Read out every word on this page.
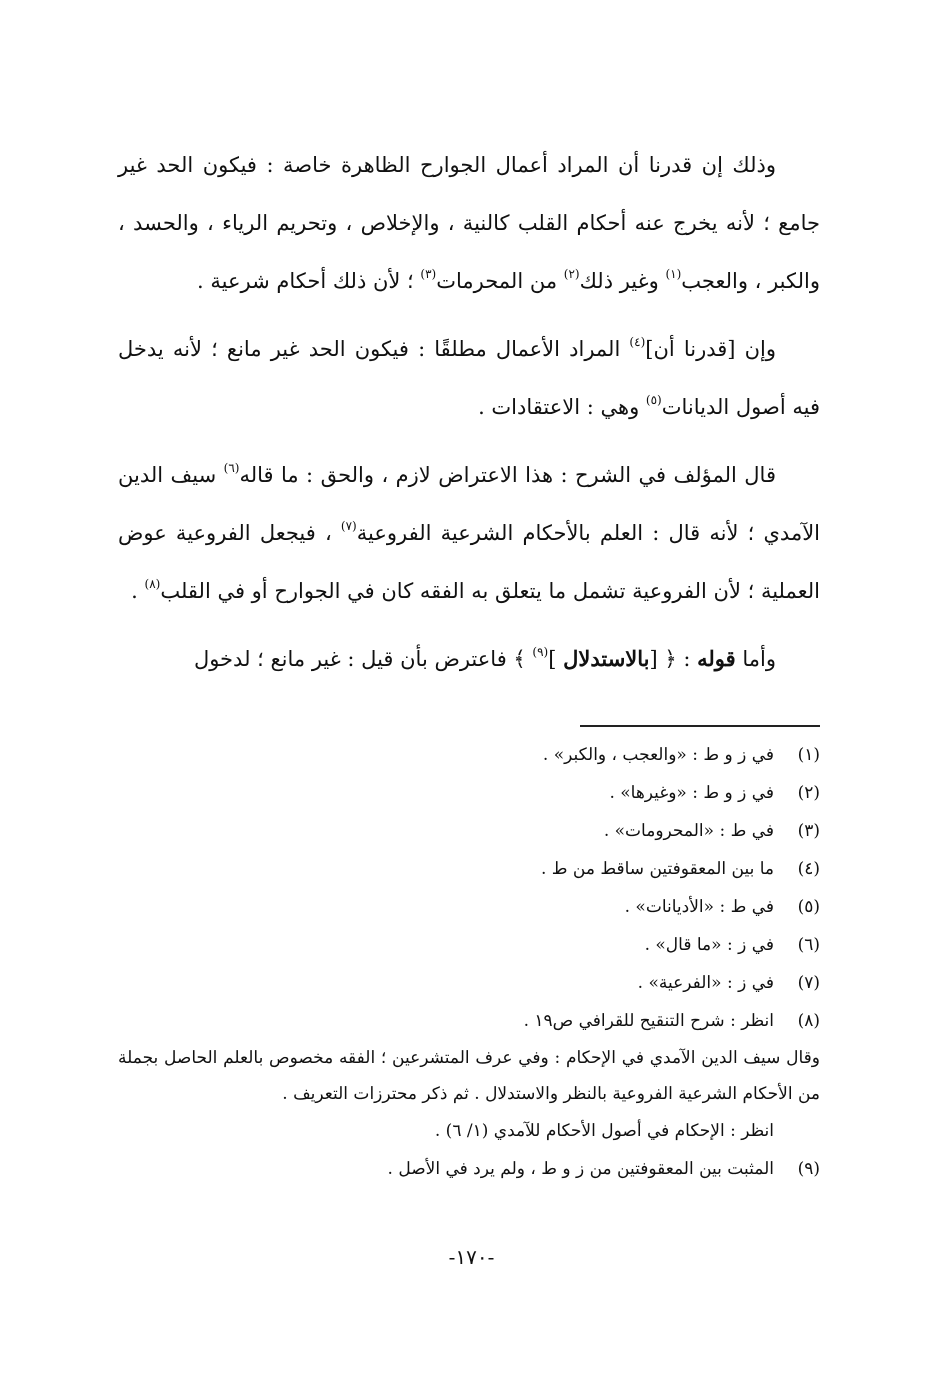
وذلك إن قدرنا أن المراد أعمال الجوارح الظاهرة خاصة : فيكون الحد غير جامع ؛ لأنه يخرج عنه أحكام القلب كالنية ، والإخلاص ، وتحريم الرياء ، والحسد ، والكبر ، والعجب$^{(١)}$ وغير ذلك$^{(٢)}$ من المحرمات$^{(٣)}$ ؛ لأن ذلك أحكام شرعية .

وإن [قدرنا أن]$^{(٤)}$ المراد الأعمال مطلقًا : فيكون الحد غير مانع ؛ لأنه يدخل فيه أصول الديانات$^{(٥)}$ وهي : الاعتقادات .

قال المؤلف في الشرح : هذا الاعتراض لازم ، والحق : ما قاله$^{(٦)}$ سيف الدين الآمدي ؛ لأنه قال : العلم بالأحكام الشرعية الفروعية$^{(٧)}$ ، فيجعل الفروعية عوض العملية ؛ لأن الفروعية تشمل ما يتعلق به الفقه كان في الجوارح أو في القلب$^{(٨)}$ .

وأما قوله : ﴿ [بالاستدلال ]$^{(٩)}$ ﴾ فاعترض بأن قيل : غير مانع ؛ لدخول

(١)
في ز و ط : «والعجب ، والكبر» .
(٢)
في ز و ط : «وغيرها» .
(٣)
في ط : «المحرومات» .
(٤)
ما بين المعقوفتين ساقط من ط .
(٥)
في ط : «الأديانات» .
(٦)
في ز : «ما قال» .
(٧)
في ز : «الفرعية» .
(٨)
انظر : شرح التنقيح للقرافي ص١٩ .

وقال سيف الدين الآمدي في الإحكام : وفي عرف المتشرعين ؛ الفقه مخصوص بالعلم الحاصل بجملة من الأحكام الشرعية الفروعية بالنظر والاستدلال . ثم ذكر محترزات التعريف .

انظر : الإحكام في أصول الأحكام للآمدي (١/ ٦) .

(٩)
المثبت بين المعقوفتين من ز و ط ، ولم يرد في الأصل .
-١٧٠-
